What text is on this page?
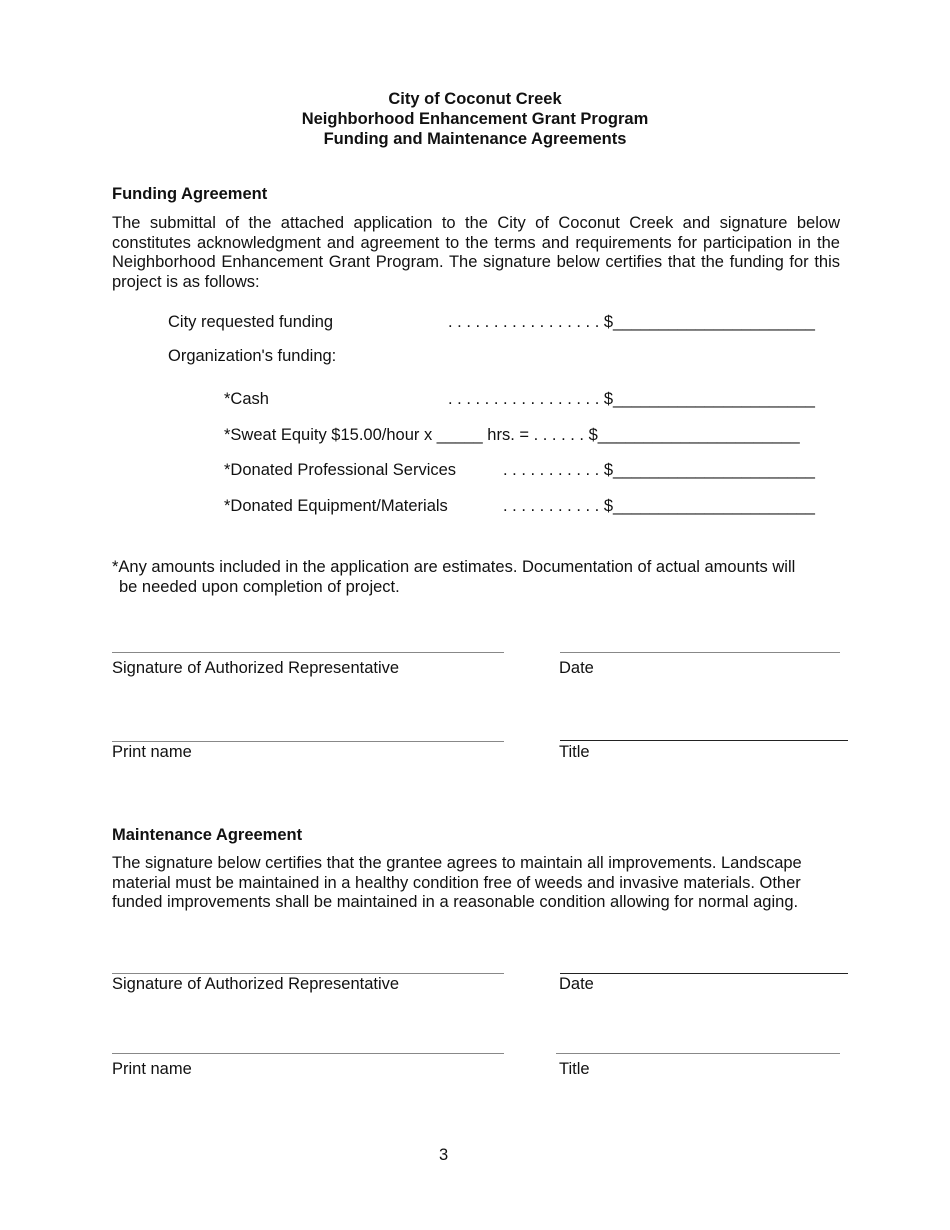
City of Coconut Creek
Neighborhood Enhancement Grant Program
Funding and Maintenance Agreements
Funding Agreement
The submittal of the attached application to the City of Coconut Creek and signature below constitutes acknowledgment and agreement to the terms and requirements for participation in the Neighborhood Enhancement Grant Program. The signature below certifies that the funding for this project is as follows:
City requested funding	. . . . . . . . . . . . . . . . . $______________________
Organization's funding:
*Cash	. . . . . . . . . . . . . . . . . $______________________
*Sweat Equity $15.00/hour x _____ hrs. = . . . . . . $______________________
*Donated Professional Services	. . . . . . . . . . . $______________________
*Donated Equipment/Materials	. . . . . . . . . . . $______________________
*Any amounts included in the application are estimates. Documentation of actual amounts will
be needed upon completion of project.
Signature of Authorized Representative	Date
Print name	Title
Maintenance Agreement
The signature below certifies that the grantee agrees to maintain all improvements. Landscape material must be maintained in a healthy condition free of weeds and invasive materials. Other funded improvements shall be maintained in a reasonable condition allowing for normal aging.
Signature of Authorized Representative	Date
Print name	Title
3
